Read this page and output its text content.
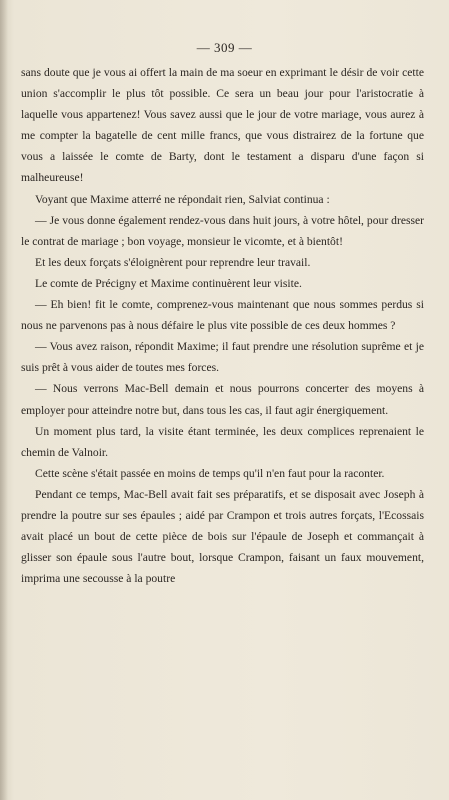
— 309 —

sans doute que je vous ai offert la main de ma soeur en exprimant le désir de voir cette union s'accomplir le plus tôt possible. Ce sera un beau jour pour l'aristocratie à laquelle vous appartenez! Vous savez aussi que le jour de votre mariage, vous aurez à me compter la bagatelle de cent mille francs, que vous distrairez de la fortune que vous a laissée le comte de Barty, dont le testament a disparu d'une façon si malheureuse!

Voyant que Maxime atterré ne répondait rien, Salviat continua :

— Je vous donne également rendez-vous dans huit jours, à votre hôtel, pour dresser le contrat de mariage ; bon voyage, monsieur le vicomte, et à bientôt!

Et les deux forçats s'éloignèrent pour reprendre leur travail.

Le comte de Précigny et Maxime continuèrent leur visite.

— Eh bien! fit le comte, comprenez-vous maintenant que nous sommes perdus si nous ne parvenons pas à nous défaire le plus vite possible de ces deux hommes ?

— Vous avez raison, répondit Maxime; il faut prendre une résolution suprême et je suis prêt à vous aider de toutes mes forces.

— Nous verrons Mac-Bell demain et nous pourrons concerter des moyens à employer pour atteindre notre but, dans tous les cas, il faut agir énergiquement.

Un moment plus tard, la visite étant terminée, les deux complices reprenaient le chemin de Valnoir.

Cette scène s'était passée en moins de temps qu'il n'en faut pour la raconter.

Pendant ce temps, Mac-Bell avait fait ses préparatifs, et se disposait avec Joseph à prendre la poutre sur ses épaules ; aidé par Crampon et trois autres forçats, l'Ecossais avait placé un bout de cette pièce de bois sur l'épaule de Joseph et commançait à glisser son épaule sous l'autre bout, lorsque Crampon, faisant un faux mouvement, imprima une secousse à la poutre
